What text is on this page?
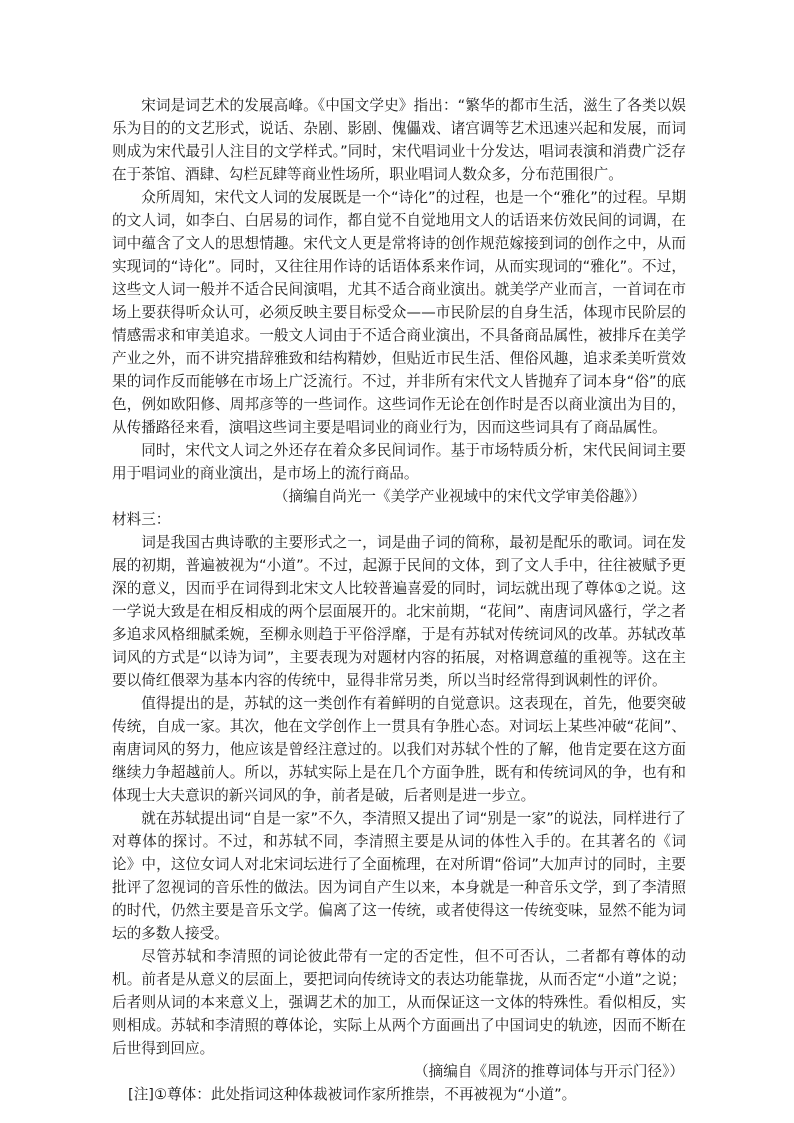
宋词是词艺术的发展高峰。《中国文学史》指出：“繁华的都市生活，滋生了各类以娱乐为目的的文艺形式，说话、杂剧、影剧、傀儡戏、诸宫调等艺术迅速兴起和发展，而词则成为宋代最引人注目的文学样式。”同时，宋代唱词业十分发达，唱词表演和消费广泛存在于茶馆、酒肆、勾栏瓦肆等商业性场所，职业唱词人数众多，分布范围很广。

众所周知，宋代文人词的发展既是一个“诗化”的过程，也是一个“雅化”的过程。早期的文人词，如李白、白居易的词作，都自觉不自觉地用文人的话语来仿效民间的词调，在词中蕴含了文人的思想情趣。宋代文人更是常将诗的创作规范嫁接到词的创作之中，从而实现词的“诗化”。同时，又往往用作诗的话语体系来作词，从而实现词的“雅化”。不过，这些文人词一般并不适合民间演唱，尤其不适合商业演出。就美学产业而言，一首词在市场上要获得听众认可，必须反映主要目标受众——市民阶层的自身生活，体现市民阶层的情感需求和审美追求。一般文人词由于不适合商业演出，不具备商品属性，被排斥在美学产业之外，而不讲究措辞雅致和结构精妙，但贴近市民生活、俚俗风趣，追求柔美听赏效果的词作反而能够在市场上广泛流行。不过，并非所有宋代文人皆抛弃了词本身“俗”的底色，例如欧阳修、周邦彦等的一些词作。这些词作无论在创作时是否以商业演出为目的，从传播路径来看，演唱这些词主要是唱词业的商业行为，因而这些词具有了商品属性。

同时，宋代文人词之外还存在着众多民间词作。基于市场特质分析，宋代民间词主要用于唱词业的商业演出，是市场上的流行商品。

（摘编自尚光一《美学产业视域中的宋代文学审美俗趣》）

材料三：

词是我国古典诗歌的主要形式之一，词是曲子词的简称，最初是配乐的歌词。词在发展的初期，普遍被视为“小道”。不过，起源于民间的文体，到了文人手中，往往被赋予更深的意义，因而乎在词得到北宋文人比较普遍喜爱的同时，词坛就出现了尊体①之说。这一学说大致是在相反相成的两个层面展开的。北宋前期，“花间”、南唐词风盛行，学之者多追求风格细腻柔婉，至柳永则趋于平俗浮靡，于是有苏轼对传统词风的改革。苏轼改革词风的方式是“以诗为词”，主要表现为对题材内容的拓展，对格调意蕴的重视等。这在主要以倚红偎翠为基本内容的传统中，显得非常另类，所以当时经常得到讽刺性的评价。

值得提出的是，苏轼的这一类创作有着鲜明的自觉意识。这表现在，首先，他要突破传统，自成一家。其次，他在文学创作上一贯具有争胜心态。对词坛上某些冲破“花间”、南唐词风的努力，他应该是曾经注意过的。以我们对苏轼个性的了解，他肯定要在这方面继续力争超越前人。所以，苏轼实际上是在几个方面争胜，既有和传统词风的争，也有和体现士大夫意识的新兴词风的争，前者是破，后者则是进一步立。

就在苏轼提出词“自是一家”不久，李清照又提出了词“别是一家”的说法，同样进行了对尊体的探讨。不过，和苏轼不同，李清照主要是从词的体性入手的。在其著名的《词论》中，这位女词人对北宋词坛进行了全面梳理，在对所谓“俗词”大加声讨的同时，主要批评了忽视词的音乐性的做法。因为词自产生以来，本身就是一种音乐文学，到了李清照的时代，仍然主要是音乐文学。偏离了这一传统，或者使得这一传统变味，显然不能为词坛的多数人接受。

尽管苏轼和李清照的词论彼此带有一定的否定性，但不可否认，二者都有尊体的动机。前者是从意义的层面上，要把词向传统诗文的表达功能靠拢，从而否定“小道”之说；后者则从词的本来意义上，强调艺术的加工，从而保证这一文体的特殊性。看似相反，实则相成。苏轼和李清照的尊体论，实际上从两个方面画出了中国词史的轨迹，因而不断在后世得到回应。

（摘编自《周济的推尊词体与开示门径》）

[注]①尊体：此处指词这种体裁被词作家所推崇，不再被视为“小道”。
